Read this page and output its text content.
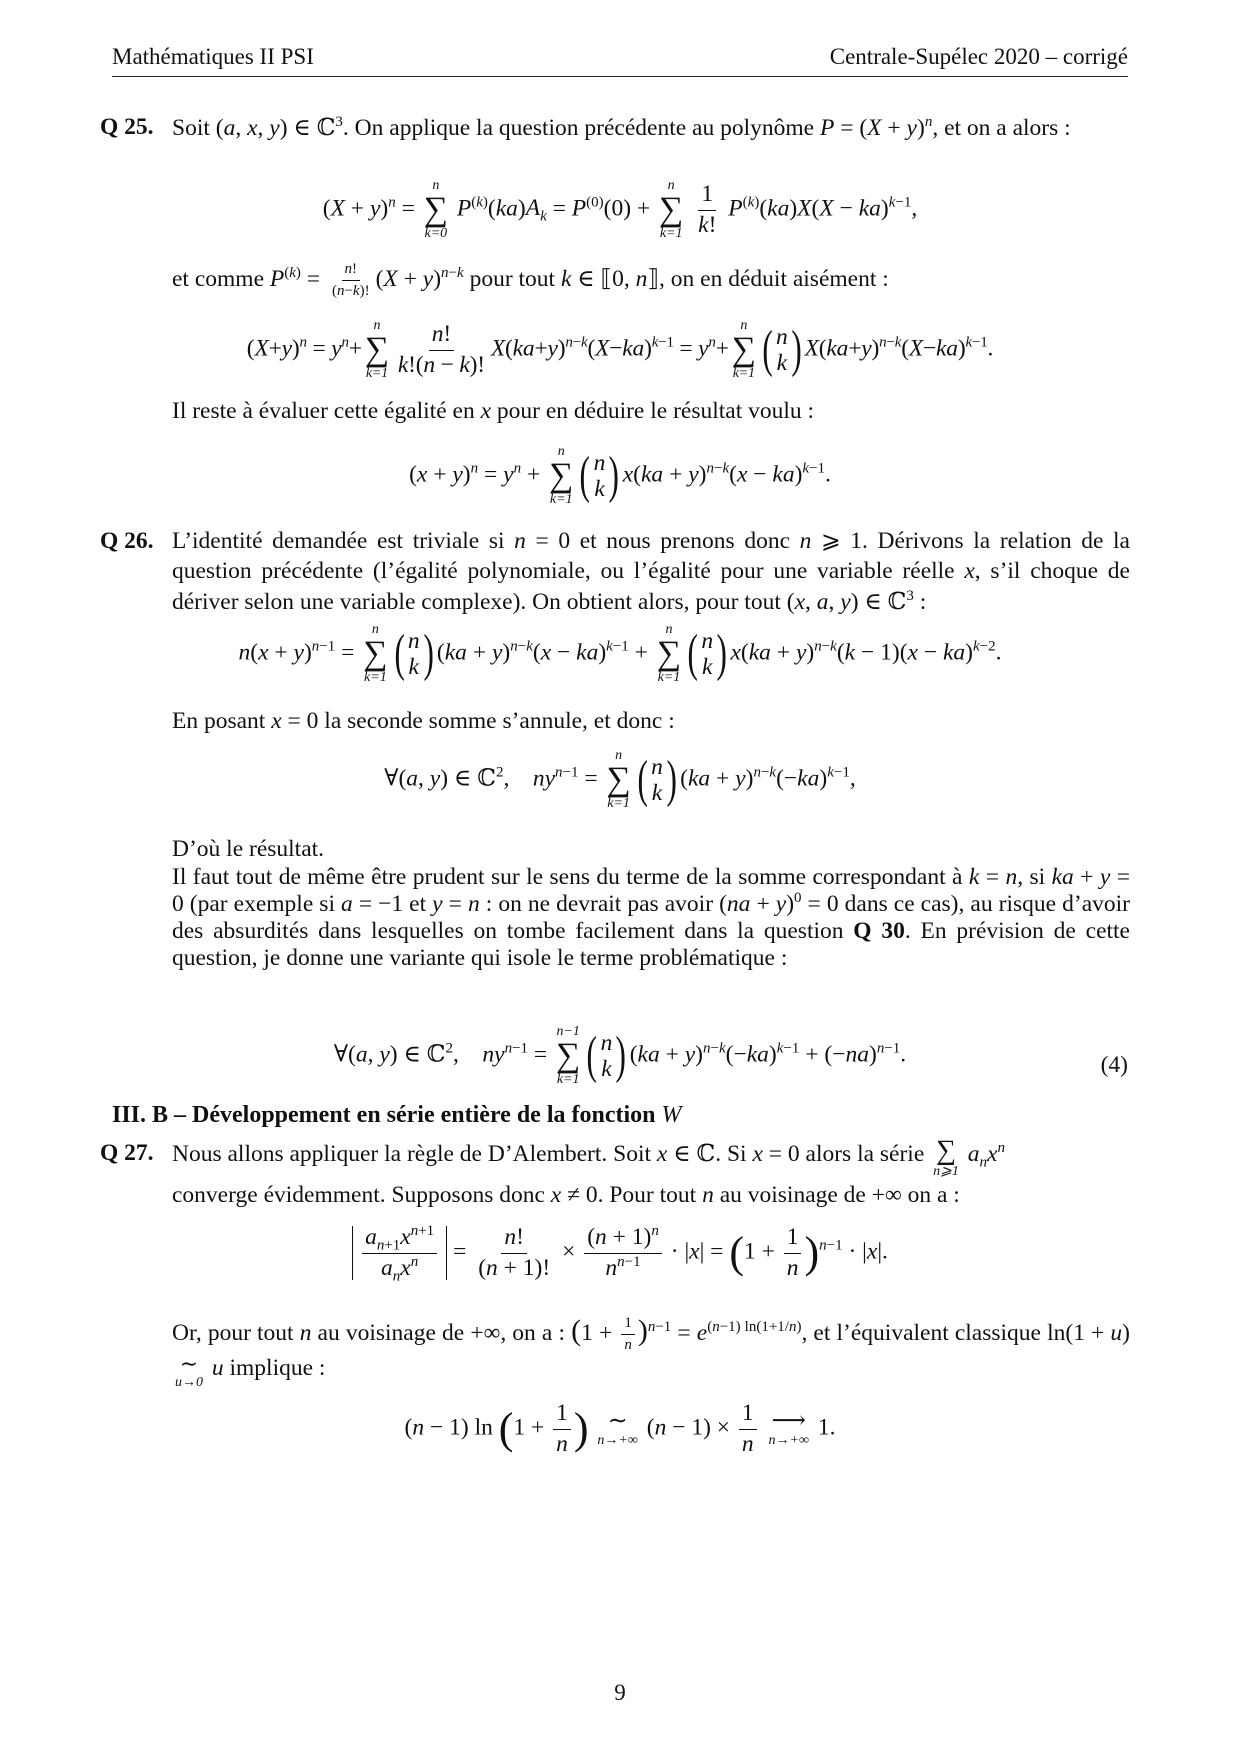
Mathématiques II PSI	Centrale-Supélec 2020 – corrigé
Q 25. Soit (a, x, y) ∈ ℂ$^3$. On applique la question précédente au polynôme $P = (X + y)^n$, et on a alors :
$(X + y)^n$ =
n
∑
k=0
$P^{(k)}(ka)A_k = P^{(0)}(0)$ +
n
∑
k=1
$\frac{1}{k!} P^{(k)}(ka)X(X - ka)^{k-1}$,
et comme $P^{(k)} = \frac{n!}{(n-k)!} (X + y)^{n-k}$ pour tout k ∈ ⟦0, n⟧, on en déduit aisément :
$(X+y)^n = y^n+$
n
∑
$k=1 \frac{n!}{k!(n - k)!} X(ka+y)^{n-k}(X-ka)^{k-1} = y^n+$
n
∑
k=1 ( n
k ) $X(ka+y)^{n-k}(X-ka)^{k-1}$.
Il reste à évaluer cette égalité en x pour en déduire le résultat voulu :
$(x + y)^n = y^n$ +
n
∑
k=1 ( n
k ) x(ka + y)$^{n-k}$(x − ka)$^{k-1}$.
Q 26. L’identité demandée est triviale si n = 0 et nous prenons donc n ⩾ 1. Dérivons la relation de la question précédente (l’égalité polynomiale, ou l’égalité pour une variable réelle x, s’il choque de dériver selon une variable complexe). On obtient alors, pour tout (x, a, y) ∈ ℂ$^3$ :
$n(x + y)^{n-1}$ =
n
∑
k=1 ( n
k ) (ka + y)$^{n-k}$(x − ka)$^{k-1}$ +
n
∑
k=1 ( n
k ) x(ka + y)$^{n-k}$(k − 1)(x − ka)$^{k-2}$.
En posant x = 0 la seconde somme s’annule, et donc :
∀(a, y) ∈ ℂ$^2$,    $ny^{n-1}$ =
n
∑
k=1 ( n
k ) $(ka + y)^{n-k}(-ka)^{k-1}$,
D’où le résultat.
Il faut tout de même être prudent sur le sens du terme de la somme correspondant à k = n, si ka + y = 0 (par exemple si a = −1 et y = n : on ne devrait pas avoir (na + y)$^0$ = 0 dans ce cas), au risque d’avoir des absurdités dans lesquelles on tombe facilement dans la question Q 30. En prévision de cette question, je donne une variante qui isole le terme problématique :
∀(a, y) ∈ ℂ$^2$,    $ny^{n-1}$ =
n−1
∑
k=1 ( n
k ) $(ka + y)^{n-k}(-ka)^{k-1} + (-na)^{n-1}$.	(4)
III. B – Développement en série entière de la fonction W
Q 27. Nous allons appliquer la règle de D’Alembert. Soit x ∈ ℂ. Si x = 0 alors la série ∑
n⩾1
$a_nx^n$
converge évidemment. Supposons donc x ≠ 0. Pour tout n au voisinage de +∞ on a :
$\frac{a_{n+1}x^{n+1}}{a_nx^n} = \frac{n!}{(n + 1)!} \times \frac{(n + 1)^n}{n^{n-1}} \cdot |x| = (1 + \frac{1}{n} )^{n-1} \cdot |x|$.
Or, pour tout n au voisinage de +∞, on a : $(1 + \frac{1}{n} )^{n-1} = e^{(n-1) ln(1+1/n)}$, et l’équivalent classique ln(1 + u)
∼
u→0
u implique :
(n − 1) $\ln (1 + \frac{1}{n}$ ) ∼
n→+∞
$(n - 1) \times \frac{1}{n}$
⟶
n→+∞
1.
9
